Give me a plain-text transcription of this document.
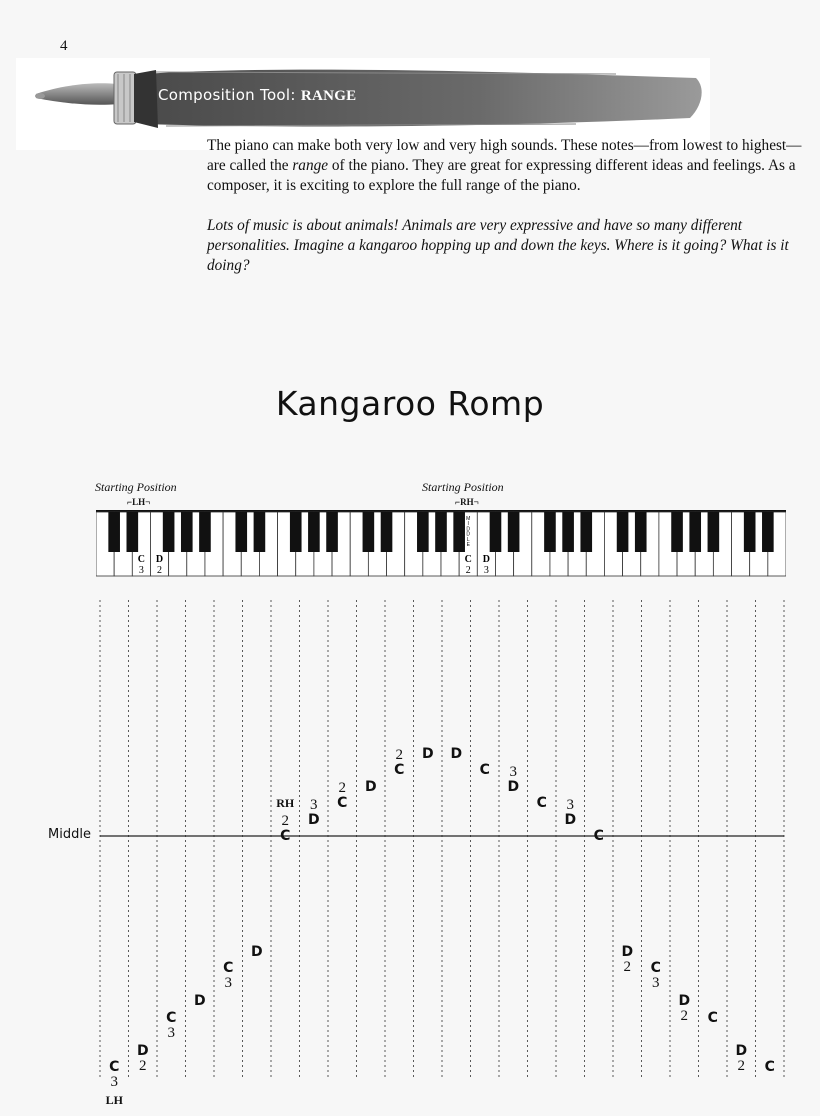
4
Composition Tool: RANGE

The piano can make both very low and very high sounds. These notes—from lowest to highest—are called the range of the piano. They are great for expressing different ideas and feelings. As a composer, it is exciting to explore the full range of the piano.

Lots of music is about animals! Animals are very expressive and have so many different personalities. Imagine a kangaroo hopping up and down the keys. Where is it going? What is it doing?

Kangaroo Romp
Starting Position	Starting Position
⌐LH¬	⌐RH¬
C
3
D
2
C
2
D
3
M
I
D
D
L
E
Middle
C
3
LH
D
2
C
3
D
C
3
D
C
2
RH
D
3	C
2	D
C
2	D	D
C
D
3
C
D
3
C
D
2	C
3
D
2	C
D
2	C
